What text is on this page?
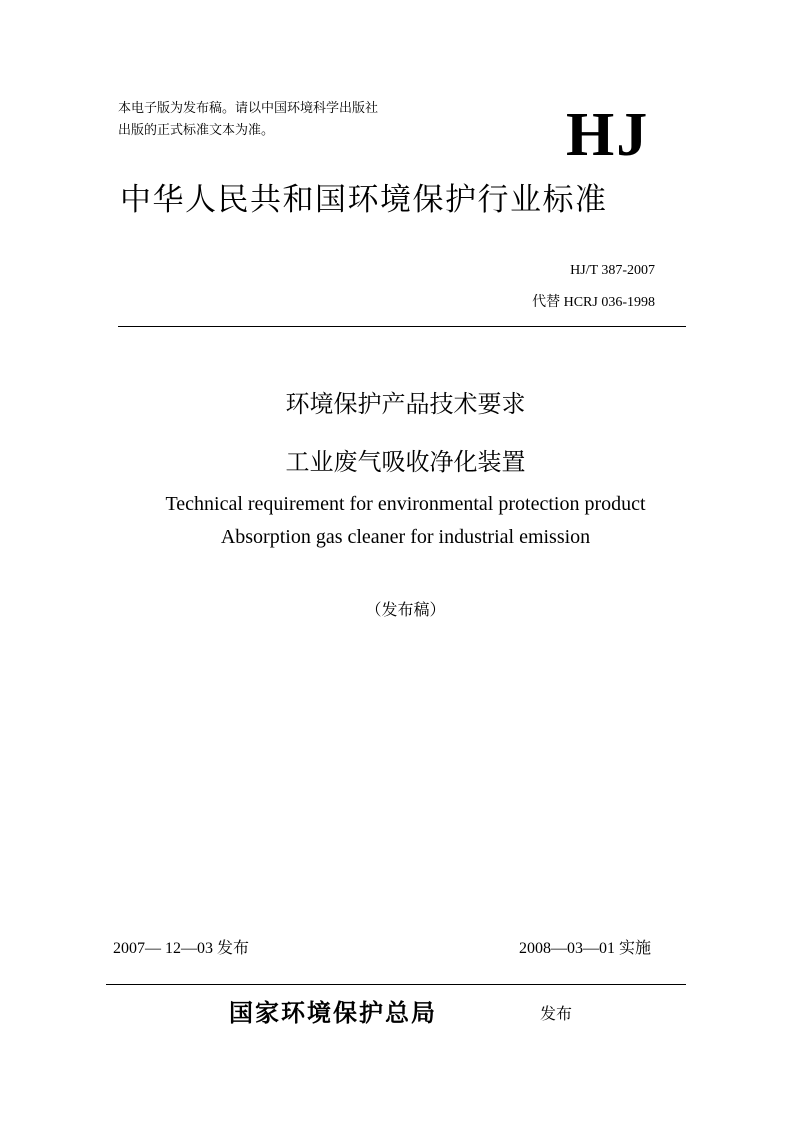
本电子版为发布稿。请以中国环境科学出版社
出版的正式标准文本为准。	HJ
中华人民共和国环境保护行业标准
HJ/T 387-2007
代替 HCRJ 036-1998
环境保护产品技术要求
工业废气吸收净化装置
Technical requirement for environmental protection product
Absorption gas cleaner for industrial emission
（发布稿）
2007— 12—03 发布	2008—03—01 实施
国家环境保护总局	发布
